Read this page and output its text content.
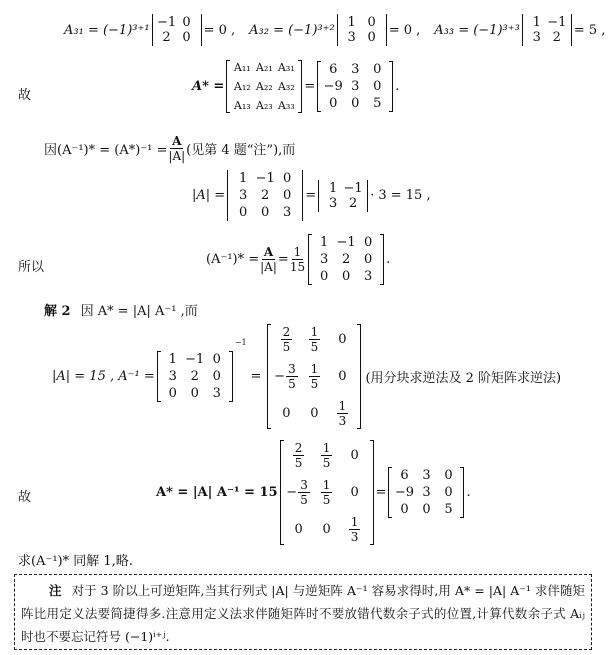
A₃₁ = (−1)³⁺¹ −1 0
2 0 = 0 , A₃₂ = (−1)³⁺² 1 0
3 0 = 0 , A₃₃ = (−1)³⁺³ 1 −1
3 2 = 5 ,
故
A* =
A₁₁ A₂₁ A₃₁
A₁₂ A₂₂ A₃₂
A₁₃ A₂₃ A₃₃
=
6	3	0
−9 3	0
0	0	5
.
因$(A^{-1})* = (A*)^{-1} = \frac{A}{|A|}$ (见第 4 题“注”),而
|A| =
1 −1 0
3	2	0
0	0	3
= 1 −1
3 2 · 3 = 15 ,
所以
$(A^{-1})* = \frac{A}{|A|} = \frac{1}{15}$
1 −1 0
3	2	0
0	0	3
.
解 2 因 A* = |A| A⁻¹ ,而
|A| = 15 , A⁻¹ =
1 −1 0
3	2	0
0	0	3
−1
=
$\frac{2}{5} \frac{1}{5} 0$
− $\frac{3}{5} \frac{1}{5} 0$
0	$0 \frac{1}{3}$
(用分块求逆法及 2 阶矩阵求逆法)
故	A* = |A| A⁻¹ = 15
$\frac{2}{5} \frac{1}{5} 0$
− $\frac{3}{5} \frac{1}{5} 0$
0	$0 \frac{1}{3}$
=
6	3	0
−9 3	0
0	0	5
.
求(A⁻¹)* 同解 1,略.
注 对于 3 阶以上可逆矩阵,当其行列式 |A| 与逆矩阵 A⁻¹ 容易求得时,用 A* = |A| A⁻¹ 求伴随矩阵比用定义法要简捷得多.注意用定义法求伴随矩阵时不要放错代数余子式的位置,计算代数余子式 Aᵢⱼ 时也不要忘记符号 (−1)ⁱ⁺ʲ.
